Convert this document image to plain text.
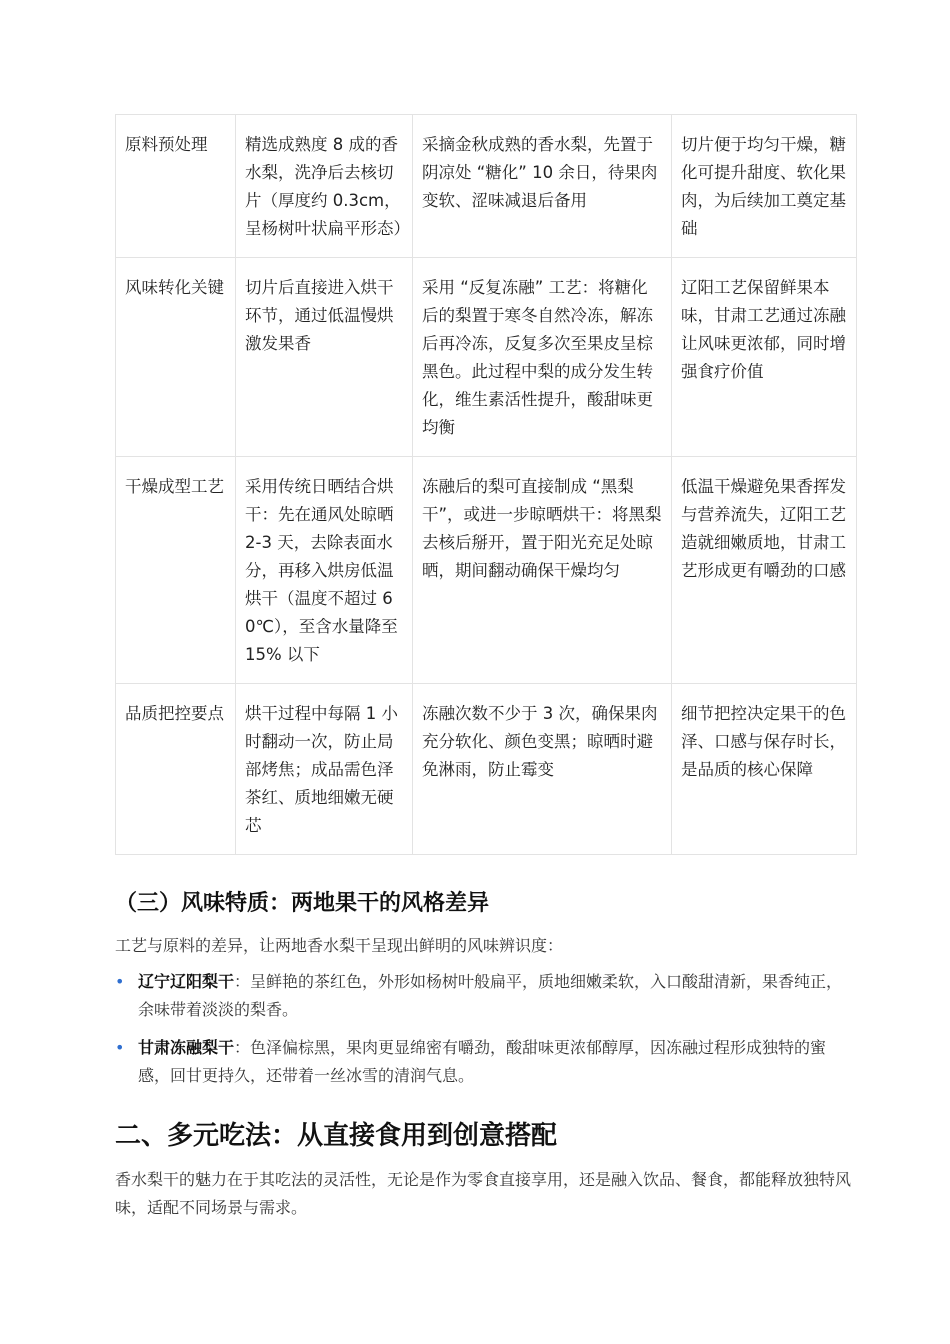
原料预处理	精选成熟度 8 成的香水梨，洗净后去核切片（厚度约 0.3cm，呈杨树叶状扁平形态）	采摘金秋成熟的香水梨，先置于阴凉处 “糖化” 10 余日，待果肉变软、涩味减退后备用	切片便于均匀干燥，糖化可提升甜度、软化果肉，为后续加工奠定基础
风味转化关键	切片后直接进入烘干环节，通过低温慢烘激发果香	采用 “反复冻融” 工艺：将糖化后的梨置于寒冬自然冷冻，解冻后再冷冻，反复多次至果皮呈棕黑色。此过程中梨的成分发生转化，维生素活性提升，酸甜味更均衡	辽阳工艺保留鲜果本味，甘肃工艺通过冻融让风味更浓郁，同时增强食疗价值
干燥成型工艺	采用传统日晒结合烘干：先在通风处晾晒 2-3 天，去除表面水分，再移入烘房低温烘干（温度不超过 60℃），至含水量降至 15% 以下	冻融后的梨可直接制成 “黑梨干”，或进一步晾晒烘干：将黑梨去核后掰开，置于阳光充足处晾晒，期间翻动确保干燥均匀	低温干燥避免果香挥发与营养流失，辽阳工艺造就细嫩质地，甘肃工艺形成更有嚼劲的口感
品质把控要点	烘干过程中每隔 1 小时翻动一次，防止局部烤焦；成品需色泽茶红、质地细嫩无硬芯	冻融次数不少于 3 次，确保果肉充分软化、颜色变黑；晾晒时避免淋雨，防止霉变	细节把控决定果干的色泽、口感与保存时长，是品质的核心保障
（三）风味特质：两地果干的风格差异

工艺与原料的差异，让两地香水梨干呈现出鲜明的风味辨识度：

• 辽宁辽阳梨干：呈鲜艳的茶红色，外形如杨树叶般扁平，质地细嫩柔软，入口酸甜清新，果香纯正，余味带着淡淡的梨香。
• 甘肃冻融梨干：色泽偏棕黑，果肉更显绵密有嚼劲，酸甜味更浓郁醇厚，因冻融过程形成独特的蜜感，回甘更持久，还带着一丝冰雪的清润气息。
二、多元吃法：从直接食用到创意搭配

香水梨干的魅力在于其吃法的灵活性，无论是作为零食直接享用，还是融入饮品、餐食，都能释放独特风味，适配不同场景与需求。
